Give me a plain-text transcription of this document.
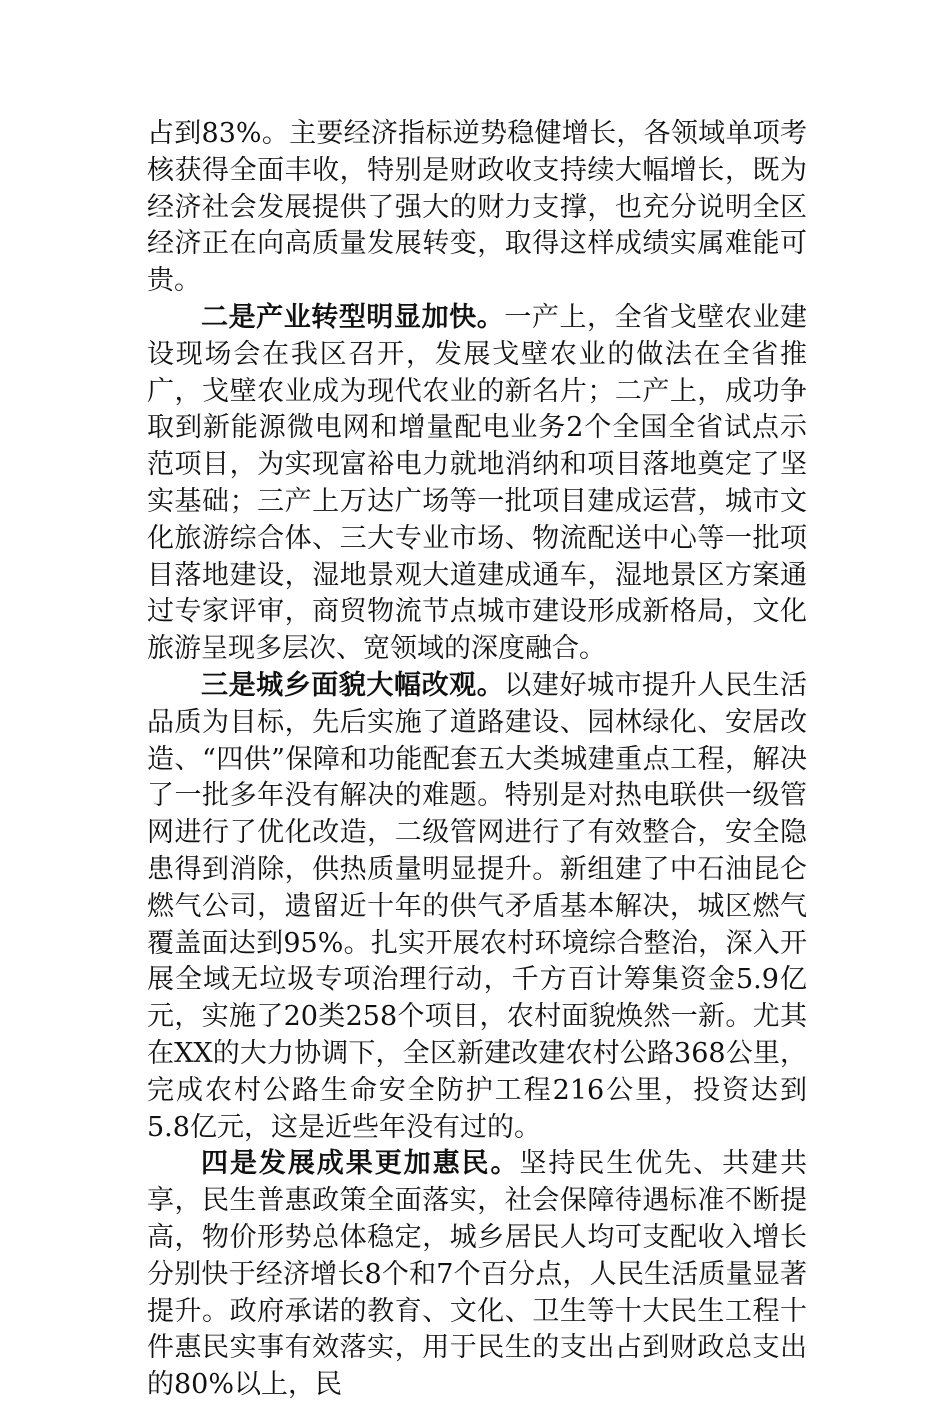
占到83%。主要经济指标逆势稳健增长，各领域单项考核获得全面丰收，特别是财政收支持续大幅增长，既为经济社会发展提供了强大的财力支撑，也充分说明全区经济正在向高质量发展转变，取得这样成绩实属难能可贵。

二是产业转型明显加快。一产上，全省戈壁农业建设现场会在我区召开，发展戈壁农业的做法在全省推广，戈壁农业成为现代农业的新名片；二产上，成功争取到新能源微电网和增量配电业务2个全国全省试点示范项目，为实现富裕电力就地消纳和项目落地奠定了坚实基础；三产上万达广场等一批项目建成运营，城市文化旅游综合体、三大专业市场、物流配送中心等一批项目落地建设，湿地景观大道建成通车，湿地景区方案通过专家评审，商贸物流节点城市建设形成新格局，文化旅游呈现多层次、宽领域的深度融合。

三是城乡面貌大幅改观。以建好城市提升人民生活品质为目标，先后实施了道路建设、园林绿化、安居改造、“四供”保障和功能配套五大类城建重点工程，解决了一批多年没有解决的难题。特别是对热电联供一级管网进行了优化改造，二级管网进行了有效整合，安全隐患得到消除，供热质量明显提升。新组建了中石油昆仑燃气公司，遗留近十年的供气矛盾基本解决，城区燃气覆盖面达到95%。扎实开展农村环境综合整治，深入开展全域无垃圾专项治理行动，千方百计筹集资金5.9亿元，实施了20类258个项目，农村面貌焕然一新。尤其在XX的大力协调下，全区新建改建农村公路368公里，完成农村公路生命安全防护工程216公里，投资达到5.8亿元，这是近些年没有过的。

四是发展成果更加惠民。坚持民生优先、共建共享，民生普惠政策全面落实，社会保障待遇标准不断提高，物价形势总体稳定，城乡居民人均可支配收入增长分别快于经济增长8个和7个百分点，人民生活质量显著提升。政府承诺的教育、文化、卫生等十大民生工程十件惠民实事有效落实，用于民生的支出占到财政总支出的80%以上，民
